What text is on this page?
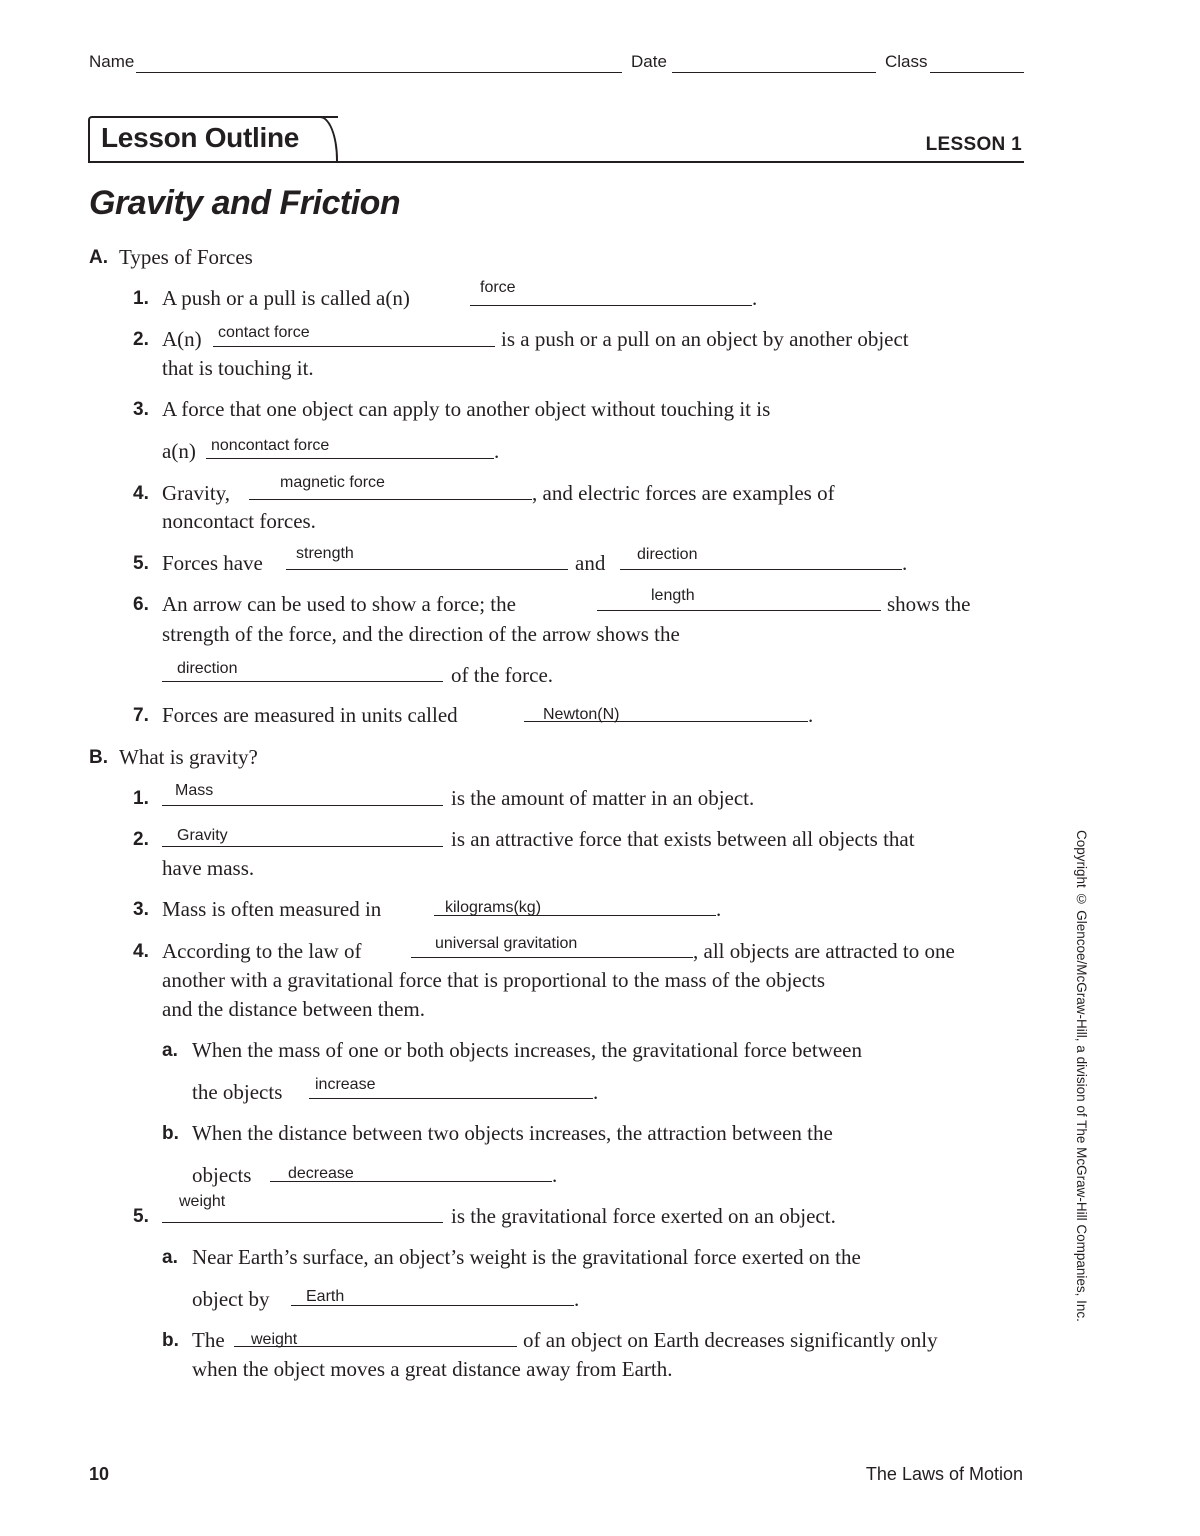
Name	Date	Class
Lesson Outline	LESSON 1
Gravity and Friction
A. Types of Forces
1. A push or a pull is called a(n)	force	.
2. A(n) contact force	is a push or a pull on an object by another object
that is touching it.
3. A force that one object can apply to another object without touching it is
a(n) noncontact force	.
4. Gravity,	magnetic force	, and electric forces are examples of
noncontact forces.
5. Forces have strength	and direction	.
6. An arrow can be used to show a force; the	length	shows the
strength of the force, and the direction of the arrow shows the
direction	of the force.
7. Forces are measured in units called	Newton(N)	.
B. What is gravity?
1. Mass	is the amount of matter in an object.
2. Gravity	is an attractive force that exists between all objects that
have mass.
3. Mass is often measured in	kilograms(kg)	.
4. According to the law of	universal gravitation	, all objects are attracted to one
another with a gravitational force that is proportional to the mass of the objects
and the distance between them.
a. When the mass of one or both objects increases, the gravitational force between
the objects increase	.
b. When the distance between two objects increases, the attraction between the
objects decrease	.
5.
weight
is the gravitational force exerted on an object.
a. Near Earth’s surface, an object’s weight is the gravitational force exerted on the
object by Earth	.
b. The weight	of an object on Earth decreases significantly only
when the object moves a great distance away from Earth.
Copyright © Glencoe/McGraw-Hill, a division of The McGraw-Hill Companies, Inc.
10	The Laws of Motion
